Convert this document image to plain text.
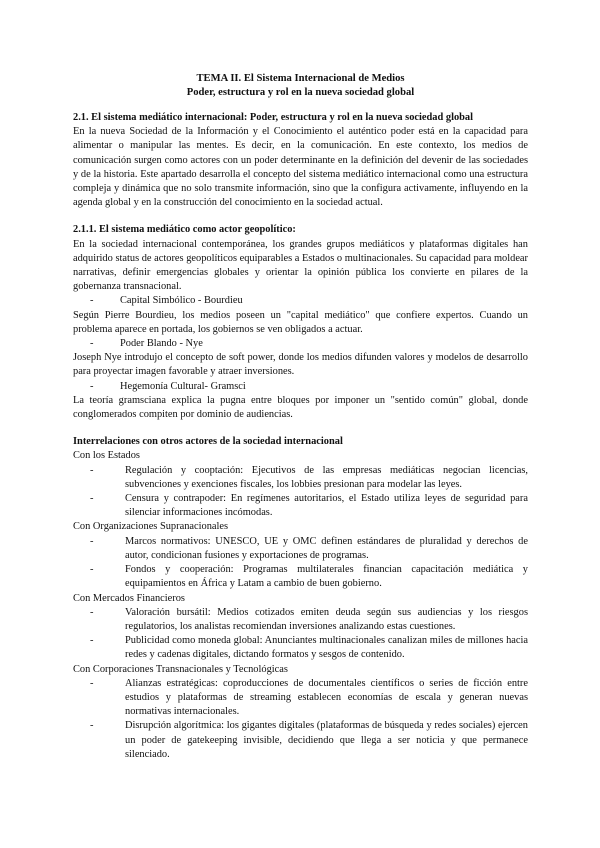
TEMA II. El Sistema Internacional de Medios
Poder, estructura y rol en la nueva sociedad global
2.1. El sistema mediático internacional: Poder, estructura y rol en la nueva sociedad global

En la nueva Sociedad de la Información y el Conocimiento el auténtico poder está en la capacidad para alimentar o manipular las mentes. Es decir, en la comunicación. En este contexto, los medios de comunicación surgen como actores con un poder determinante en la definición del devenir de las sociedades y de la historia. Este apartado desarrolla el concepto del sistema mediático internacional como una estructura compleja y dinámica que no solo transmite información, sino que la configura activamente, influyendo en la agenda global y en la construcción del conocimiento en la sociedad actual.

2.1.1. El sistema mediático como actor geopolítico:

En la sociedad internacional contemporánea, los grandes grupos mediáticos y plataformas digitales han adquirido status de actores geopolíticos equiparables a Estados o multinacionales. Su capacidad para moldear narrativas, definir emergencias globales y orientar la opinión pública los convierte en pilares de la gobernanza transnacional.

-	Capital Simbólico - Bourdieu

Según Pierre Bourdieu, los medios poseen un "capital mediático" que confiere expertos. Cuando un problema aparece en portada, los gobiernos se ven obligados a actuar.

-	Poder Blando - Nye

Joseph Nye introdujo el concepto de soft power, donde los medios difunden valores y modelos de desarrollo para proyectar imagen favorable y atraer inversiones.

-	Hegemonía Cultural- Gramsci

La teoría gramsciana explica la pugna entre bloques por imponer un "sentido común" global, donde conglomerados compiten por dominio de audiencias.

Interrelaciones con otros actores de la sociedad internacional
Con los Estados
-	Regulación y cooptación: Ejecutivos de las empresas mediáticas negocian licencias, subvenciones y exenciones fiscales, los lobbies presionan para modelar las leyes.
-	Censura y contrapoder: En regímenes autoritarios, el Estado utiliza leyes de seguridad para silenciar informaciones incómodas.
Con Organizaciones Supranacionales
-	Marcos normativos: UNESCO, UE y OMC definen estándares de pluralidad y derechos de autor, condicionan fusiones y exportaciones de programas.
-	Fondos y cooperación: Programas multilaterales financian capacitación mediática y equipamientos en África y Latam a cambio de buen gobierno.
Con Mercados Financieros
-	Valoración bursátil: Medios cotizados emiten deuda según sus audiencias y los riesgos regulatorios, los analistas recomiendan inversiones analizando estas cuestiones.
-	Publicidad como moneda global: Anunciantes multinacionales canalizan miles de millones hacia redes y cadenas digitales, dictando formatos y sesgos de contenido.
Con Corporaciones Transnacionales y Tecnológicas
-	Alianzas estratégicas: coproducciones de documentales científicos o series de ficción entre estudios y plataformas de streaming establecen economías de escala y generan nuevas normativas internacionales.
-	Disrupción algorítmica: los gigantes digitales (plataformas de búsqueda y redes sociales) ejercen un poder de gatekeeping invisible, decidiendo que llega a ser noticia y que permanece silenciado.
